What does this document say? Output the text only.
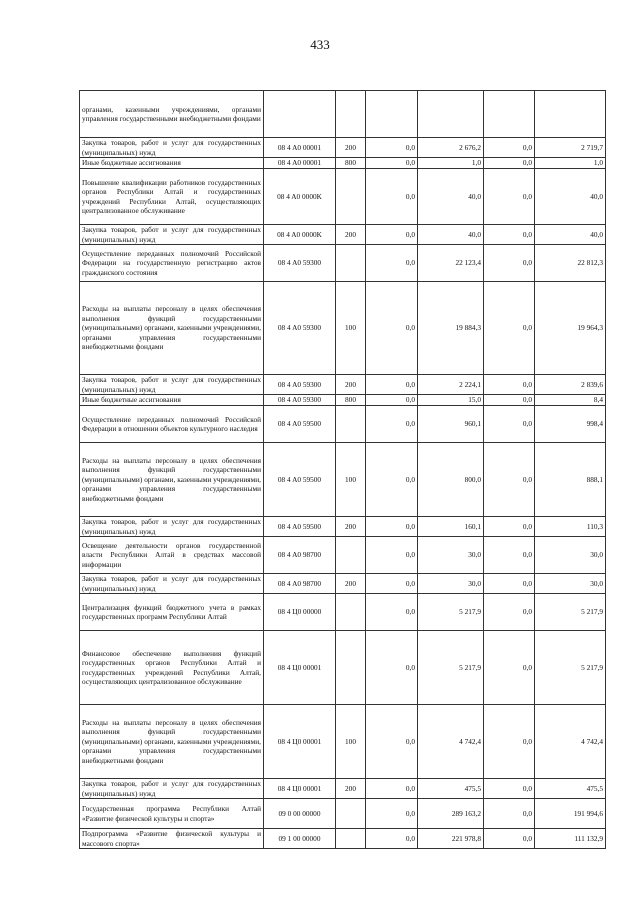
433
органами, казенными учреждениями, органами управления государственными внебюджетными фондами						
Закупка товаров, работ и услуг для государственных (муниципальных) нужд	08 4 A0 00001	200	0,0	2 676,2	0,0	2 719,7
Иные бюджетные ассигнования	08 4 A0 00001	800	0,0	1,0	0,0	1,0
Повышение квалификации работников государственных органов Республики Алтай и государственных учреждений Республики Алтай, осуществляющих централизованное обслуживание	08 4 A0 0000K		0,0	40,0	0,0	40,0
Закупка товаров, работ и услуг для государственных (муниципальных) нужд	08 4 A0 0000K	200	0,0	40,0	0,0	40,0
Осуществление переданных полномочий Российской Федерации на государственную регистрацию актов гражданского состояния	08 4 A0 59300		0,0	22 123,4	0,0	22 812,3
Расходы на выплаты персоналу в целях обеспечения выполнения функций государственными (муниципальными) органами, казенными учреждениями, органами управления государственными внебюджетными фондами	08 4 A0 59300	100	0,0	19 884,3	0,0	19 964,3
Закупка товаров, работ и услуг для государственных (муниципальных) нужд	08 4 A0 59300	200	0,0	2 224,1	0,0	2 839,6
Иные бюджетные ассигнования	08 4 A0 59300	800	0,0	15,0	0,0	8,4
Осуществление переданных полномочий Российской Федерации в отношении объектов культурного наследия	08 4 A0 59500		0,0	960,1	0,0	998,4
Расходы на выплаты персоналу в целях обеспечения выполнения функций государственными (муниципальными) органами, казенными учреждениями, органами управления государственными внебюджетными фондами	08 4 A0 59500	100	0,0	800,0	0,0	888,1
Закупка товаров, работ и услуг для государственных (муниципальных) нужд	08 4 A0 59500	200	0,0	160,1	0,0	110,3
Освещение деятельности органов государственной власти Республики Алтай в средствах массовой информации	08 4 A0 98700		0,0	30,0	0,0	30,0
Закупка товаров, работ и услуг для государственных (муниципальных) нужд	08 4 A0 98700	200	0,0	30,0	0,0	30,0
Централизация функций бюджетного учета в рамках государственных программ Республики Алтай	08 4 Ц0 00000		0,0	5 217,9	0,0	5 217,9
Финансовое обеспечение выполнения функций государственных органов Республики Алтай и государственных учреждений Республики Алтай, осуществляющих централизованное обслуживание	08 4 Ц0 00001		0,0	5 217,9	0,0	5 217,9
Расходы на выплаты персоналу в целях обеспечения выполнения функций государственными (муниципальными) органами, казенными учреждениями, органами управления государственными внебюджетными фондами	08 4 Ц0 00001	100	0,0	4 742,4	0,0	4 742,4
Закупка товаров, работ и услуг для государственных (муниципальных) нужд	08 4 Ц0 00001	200	0,0	475,5	0,0	475,5
Государственная программа Республики Алтай «Развитие физической культуры и спорта»	09 0 00 00000		0,0	289 163,2	0,0	191 994,6
Подпрограмма «Развитие физической культуры и массового спорта»	09 1 00 00000		0,0	221 978,8	0,0	111 132,9
